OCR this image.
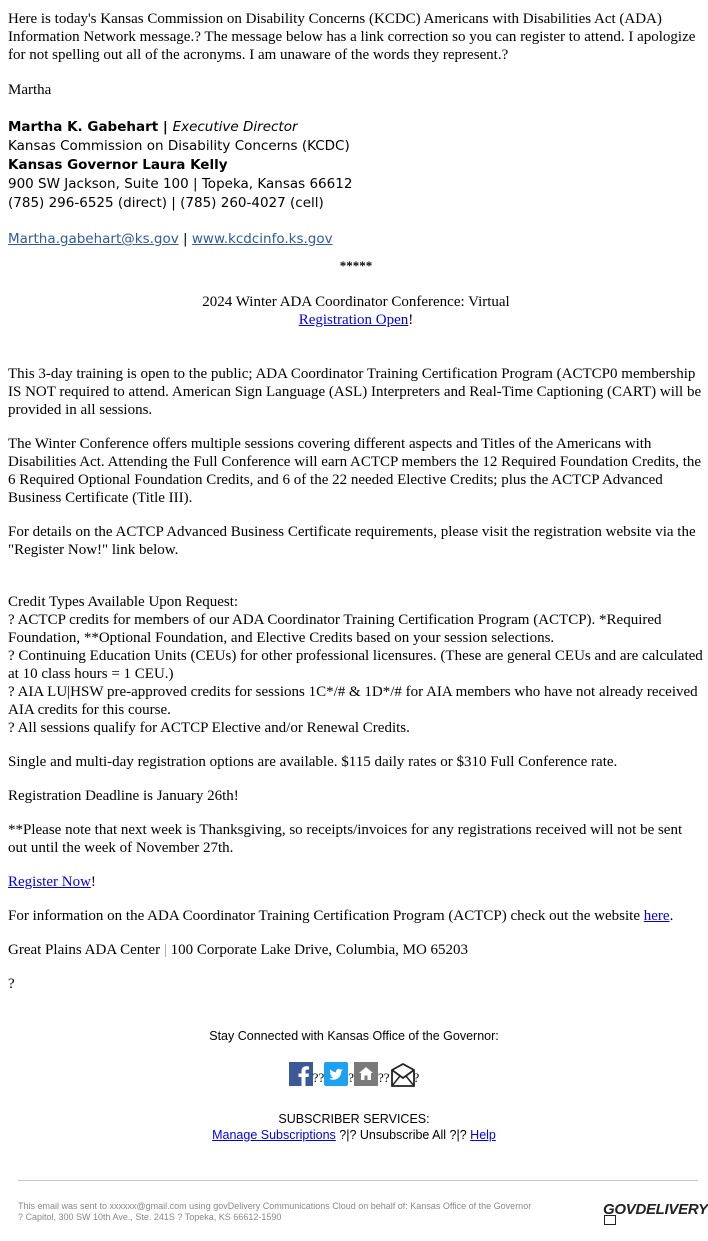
Here is today's Kansas Commission on Disability Concerns (KCDC) Americans with Disabilities Act (ADA) Information Network message.? The message below has a link correction so you can register to attend. I apologize for not spelling out all of the acronyms. I am unaware of the words they represent.?

Martha

Martha K. Gabehart | Executive Director
Kansas Commission on Disability Concerns (KCDC)
Kansas Governor Laura Kelly
900 SW Jackson, Suite 100 | Topeka, Kansas 66612
(785) 296-6525 (direct) | (785) 260-4027 (cell)
Martha.gabehart@ks.gov | www.kcdcinfo.ks.gov

*****

2024 Winter ADA Coordinator Conference: Virtual

Registration Open!

This 3-day training is open to the public; ADA Coordinator Training Certification Program (ACTCP0 membership IS NOT required to attend. American Sign Language (ASL) Interpreters and Real-Time Captioning (CART) will be provided in all sessions.

The Winter Conference offers multiple sessions covering different aspects and Titles of the Americans with Disabilities Act. Attending the Full Conference will earn ACTCP members the 12 Required Foundation Credits, the 6 Required Optional Foundation Credits, and 6 of the 22 needed Elective Credits; plus the ACTCP Advanced Business Certificate (Title III).

For details on the ACTCP Advanced Business Certificate requirements, please visit the registration website via the "Register Now!" link below.

Credit Types Available Upon Request:

? ACTCP credits for members of our ADA Coordinator Training Certification Program (ACTCP). *Required Foundation, **Optional Foundation, and Elective Credits based on your session selections.

? Continuing Education Units (CEUs) for other professional licensures. (These are general CEUs and are calculated at 10 class hours = 1 CEU.)

? AIA LU|HSW pre-approved credits for sessions 1C*/# & 1D*/# for AIA members who have not already received AIA credits for this course.

? All sessions qualify for ACTCP Elective and/or Renewal Credits.

Single and multi-day registration options are available. $115 daily rates or $310 Full Conference rate.

Registration Deadline is January 26th!

**Please note that next week is Thanksgiving, so receipts/invoices for any registrations received will not be sent out until the week of November 27th.

Register Now!

For information on the ADA Coordinator Training Certification Program (ACTCP) check out the website here.

Great Plains ADA Center | 100 Corporate Lake Drive, Columbia, MO 65203

?

Stay Connected with Kansas Office of the Governor:
?? ? ?? ?
SUBSCRIBER SERVICES:
Manage Subscriptions ?|? Unsubscribe All ?|? Help
This email was sent to xxxxxx@gmail.com using govDelivery Communications Cloud on behalf of: Kansas Office of the Governor
? Capitol, 300 SW 10th Ave., Ste. 241S ? Topeka, KS 66612-1590	GOVDELIVERY
